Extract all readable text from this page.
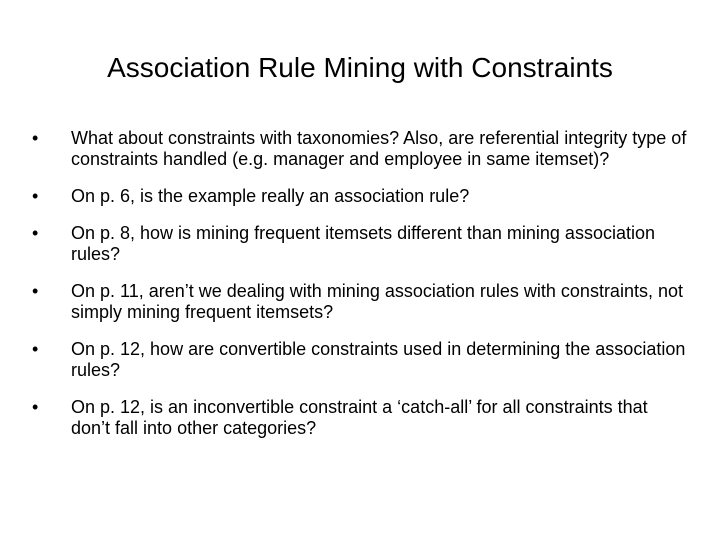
Association Rule Mining with Constraints
• What about constraints with taxonomies? Also, are referential integrity type of constraints handled (e.g. manager and employee in same itemset)?
• On p. 6, is the example really an association rule?
• On p. 8, how is mining frequent itemsets different than mining association rules?
• On p. 11, aren’t we dealing with mining association rules with constraints, not simply mining frequent itemsets?
• On p. 12, how are convertible constraints used in determining the association rules?
• On p. 12, is an inconvertible constraint a ‘catch-all’ for all constraints that don’t fall into other categories?
